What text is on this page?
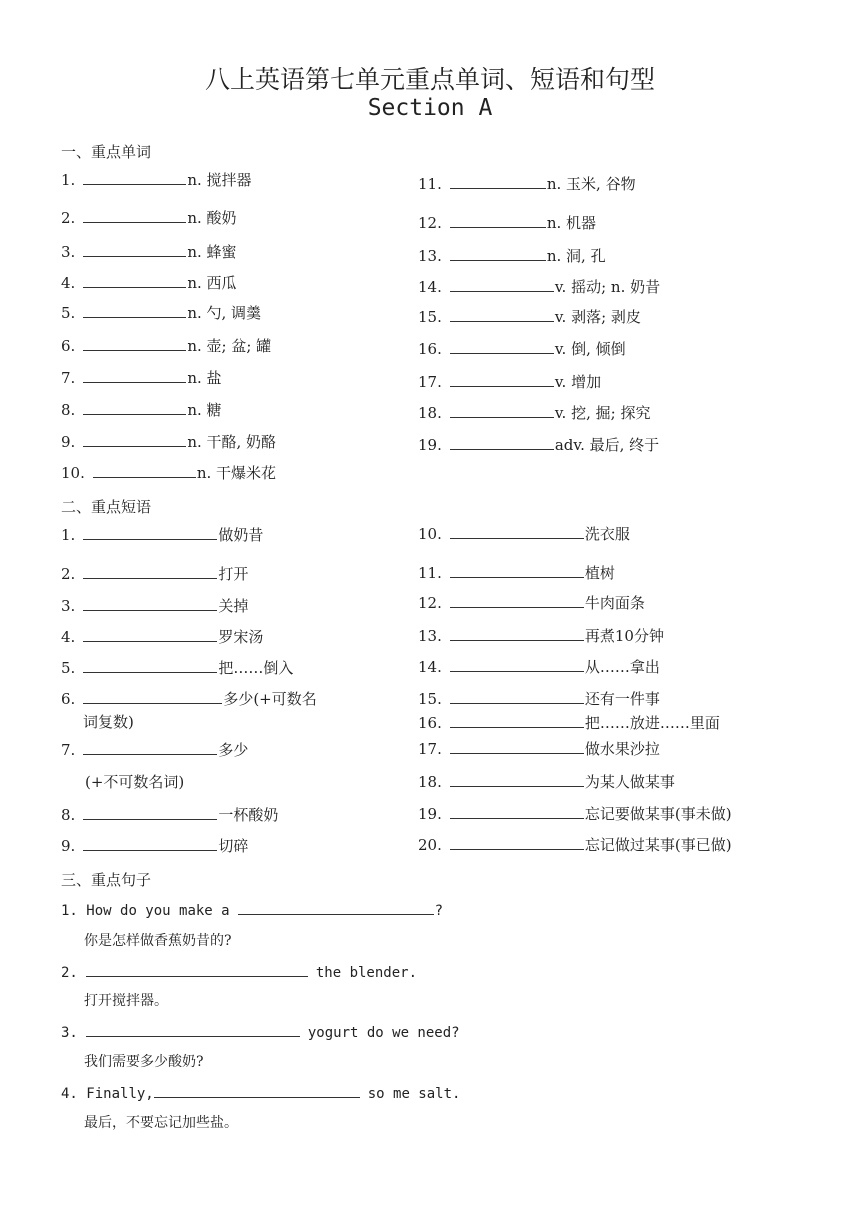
八上英语第七单元重点单词、短语和句型
Section A
一、重点单词
1.	n. 搅拌器
2.	n. 酸奶
3.	n. 蜂蜜
4.	n. 西瓜
5.	n. 勺, 调羹
6.	n. 壶; 盆; 罐
7.	n. 盐
8.	n. 糖
9.	n. 干酪, 奶酪
10.	n. 干爆米花
11.	n. 玉米, 谷物
12.	n. 机器
13.	n. 洞, 孔
14.	v. 摇动; n. 奶昔
15.	v. 剥落; 剥皮
16.	v. 倒, 倾倒
17.	v. 增加
18.	v. 挖, 掘; 探究
19.	adv. 最后, 终于
二、重点短语
1.	做奶昔
2.	打开
3.	关掉
4.	罗宋汤
5.	把……倒入
6.	多少(+可数名
词复数)
7.	多少
(+不可数名词)
8.	一杯酸奶
9.	切碎
10.	洗衣服
11.	植树
12.	牛肉面条
13.	再煮10分钟
14.	从……拿出
15.	还有一件事
16.	把……放进……里面
17.	做水果沙拉
18.	为某人做某事
19.	忘记要做某事(事未做)
20.	忘记做过某事(事已做)
三、重点句子
1. How do you make a	?
你是怎样做香蕉奶昔的?
2.	the blender.
打开搅拌器。
3.	yogurt do we need?
我们需要多少酸奶?
4. Finally,	so me salt.
最后，不要忘记加些盐。
